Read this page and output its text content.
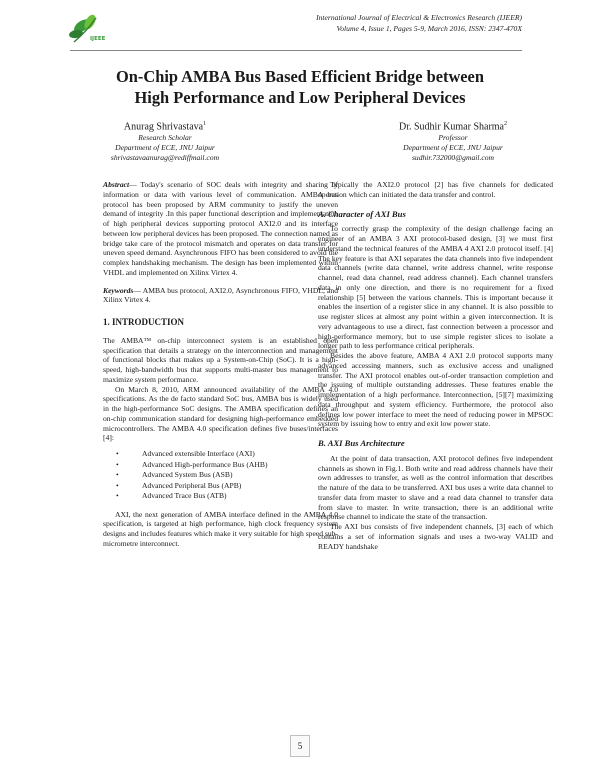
IJEEE
International Journal of Electrical & Electronics Research (IJEER)
Volume 4, Issue 1, Pages 5-9, March 2016, ISSN: 2347-470X
On-Chip AMBA Bus Based Efficient Bridge between
High Performance and Low Peripheral Devices
Anurag Shrivastava$^1$
Research Scholar
Department of ECE, JNU Jaipur
shrivastavaanurag@rediffmail.com
Dr. Sudhir Kumar Sharma$^2$
Professor
Department of ECE, JNU Jaipur
sudhir.732000@gmail.com

Abstract— Today's scenario of SOC deals with integrity and sharing of information or data with various level of communication. AMBA bus protocol has been proposed by ARM community to justify the uneven demand of integrity .In this paper functional description and implementation of high peripheral devices supporting protocol AXI2.0 and its interface between low peripheral devices has been proposed. The connection named as bridge take care of the protocol mismatch and operates on data transfer for uneven speed demand. Asynchronous FIFO has been considered to avoid the complex handshaking mechanism. The design has been implemented within VHDL and implemented on Xilinx Virtex 4.

Keywords— AMBA bus protocol, AXI2.0, Asynchronous FIFO, VHDL, and Xilinx Virtex 4.

1. INTRODUCTION

The AMBA™ on-chip interconnect system is an established open specification that details a strategy on the interconnection and management of functional blocks that makes up a System-on-Chip (SoC). It is a high-speed, high-bandwidth bus that supports multi-master bus management to maximize system performance.

On March 8, 2010, ARM announced availability of the AMBA 4.0 specifications. As the de facto standard SoC bus, AMBA bus is widely used in the high-performance SoC designs. The AMBA specification defines an on-chip communication standard for designing high-performance embedded microcontrollers. The AMBA 4.0 specification defines five buses/interfaces [4]:

• Advanced extensible Interface (AXI)
• Advanced High-performance Bus (AHB)
• Advanced System Bus (ASB)
• Advanced Peripheral Bus (APB)
• Advanced Trace Bus (ATB)

AXI, the next generation of AMBA interface defined in the AMBA 4.0 specification, is targeted at high performance, high clock frequency system designs and includes features which make it very suitable for high speed sub-micrometre interconnect.

Typically the AXI2.0 protocol [2] has five channels for dedicated operation which can initiated the data transfer and control.

A. Character of AXI Bus

To correctly grasp the complexity of the design challenge facing an engineer of an AMBA 3 AXI protocol-based design, [3] we must first understand the technical features of the AMBA 4 AXI 2.0 protocol itself. [4] The key feature is that AXI separates the data channels into five independent data channels (write data channel, write address channel, write response channel, read data channel, read address channel). Each channel transfers data in only one direction, and there is no requirement for a fixed relationship [5] between the various channels. This is important because it enables the insertion of a register slice in any channel. It is also possible to use register slices at almost any point within a given interconnection. It is very advantageous to use a direct, fast connection between a processor and high-performance memory, but to use simple register slices to isolate a longer path to less performance critical peripherals.

Besides the above feature, AMBA 4 AXI 2.0 protocol supports many advanced accessing manners, such as exclusive access and unaligned transfer. The AXI protocol enables out-of-order transaction completion and the issuing of multiple outstanding addresses. These features enable the implementation of a high performance. Interconnection, [5][7] maximizing data throughput and system efficiency. Furthermore, the protocol also defines low power interface to meet the need of reducing power in MPSOC system by issuing how to entry and exit low power state.

B. AXI Bus Architecture

At the point of data transaction, AXI protocol defines five independent channels as shown in Fig.1. Both write and read address channels have their own addresses to transfer, as well as the control information that describes the nature of the data to be transferred. AXI bus uses a write data channel to transfer data from master to slave and a read data channel to transfer data from slave to master. In write transaction, there is an additional write response channel to indicate the state of the transaction.

The AXI bus consists of five independent channels, [3] each of which contains a set of information signals and uses a two-way VALID and READY handshake

5
